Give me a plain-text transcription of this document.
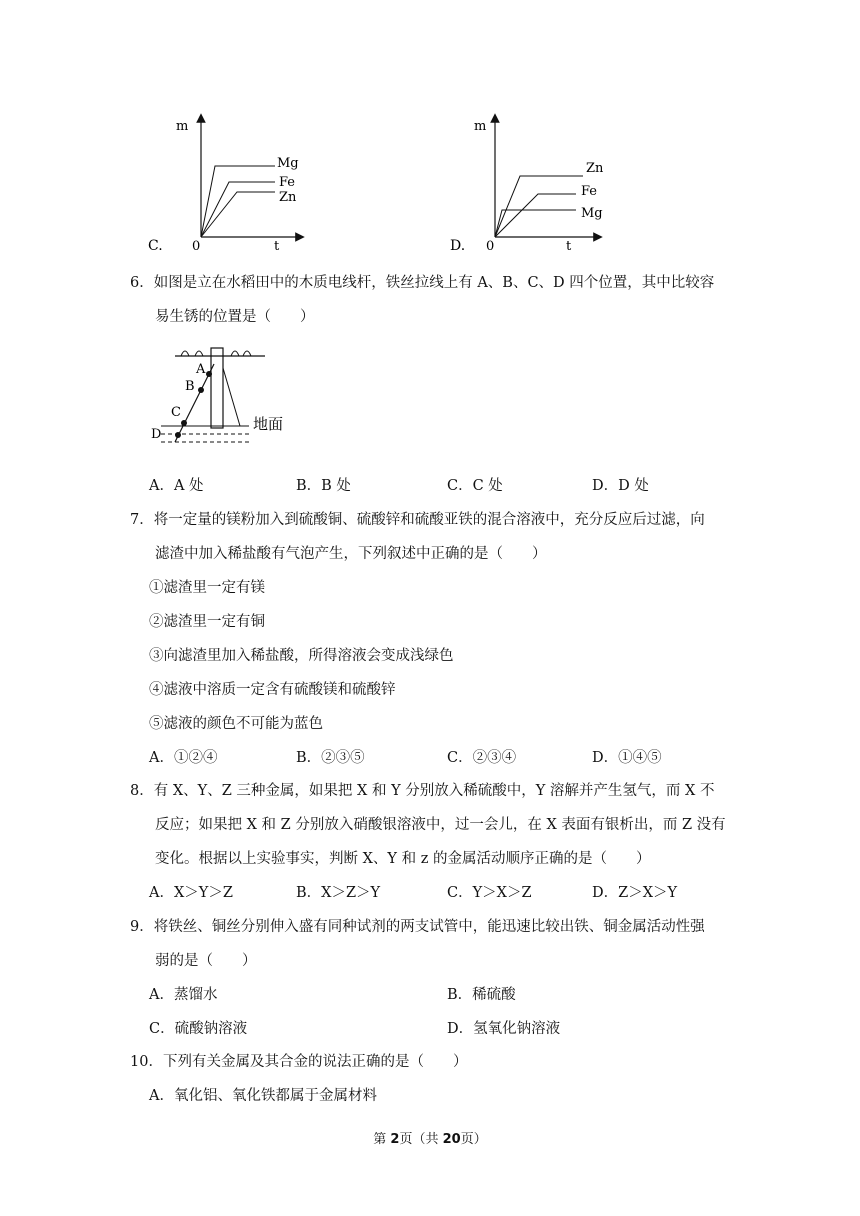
m
Mg
Fe
Zn
C. 0	t
m
Zn
Fe
Mg
D. 0	t
6．如图是立在水稻田中的木质电线杆，铁丝拉线上有 A、B、C、D 四个位置，其中比较容
易生锈的位置是（　　）
A
B
C
D
地面
A．A 处	B．B 处	C．C 处	D．D 处
7．将一定量的镁粉加入到硫酸铜、硫酸锌和硫酸亚铁的混合溶液中，充分反应后过滤，向
滤渣中加入稀盐酸有气泡产生，下列叙述中正确的是（　　）
①滤渣里一定有镁
②滤渣里一定有铜
③向滤渣里加入稀盐酸，所得溶液会变成浅绿色
④滤液中溶质一定含有硫酸镁和硫酸锌
⑤滤液的颜色不可能为蓝色
A．①②④	B．②③⑤	C．②③④	D．①④⑤
8．有 X、Y、Z 三种金属，如果把 X 和 Y 分别放入稀硫酸中，Y 溶解并产生氢气，而 X 不
反应；如果把 X 和 Z 分别放入硝酸银溶液中，过一会儿，在 X 表面有银析出，而 Z 没有
变化。根据以上实验事实，判断 X、Y 和 z 的金属活动顺序正确的是（　　）
A．X＞Y＞Z	B．X＞Z＞Y	C．Y＞X＞Z	D．Z＞X＞Y
9．将铁丝、铜丝分别伸入盛有同种试剂的两支试管中，能迅速比较出铁、铜金属活动性强
弱的是（　　）
A．蒸馏水	B．稀硫酸
C．硫酸钠溶液	D．氢氧化钠溶液
10．下列有关金属及其合金的说法正确的是（　　）
A．氧化铝、氧化铁都属于金属材料
第 2页（共 20页）
